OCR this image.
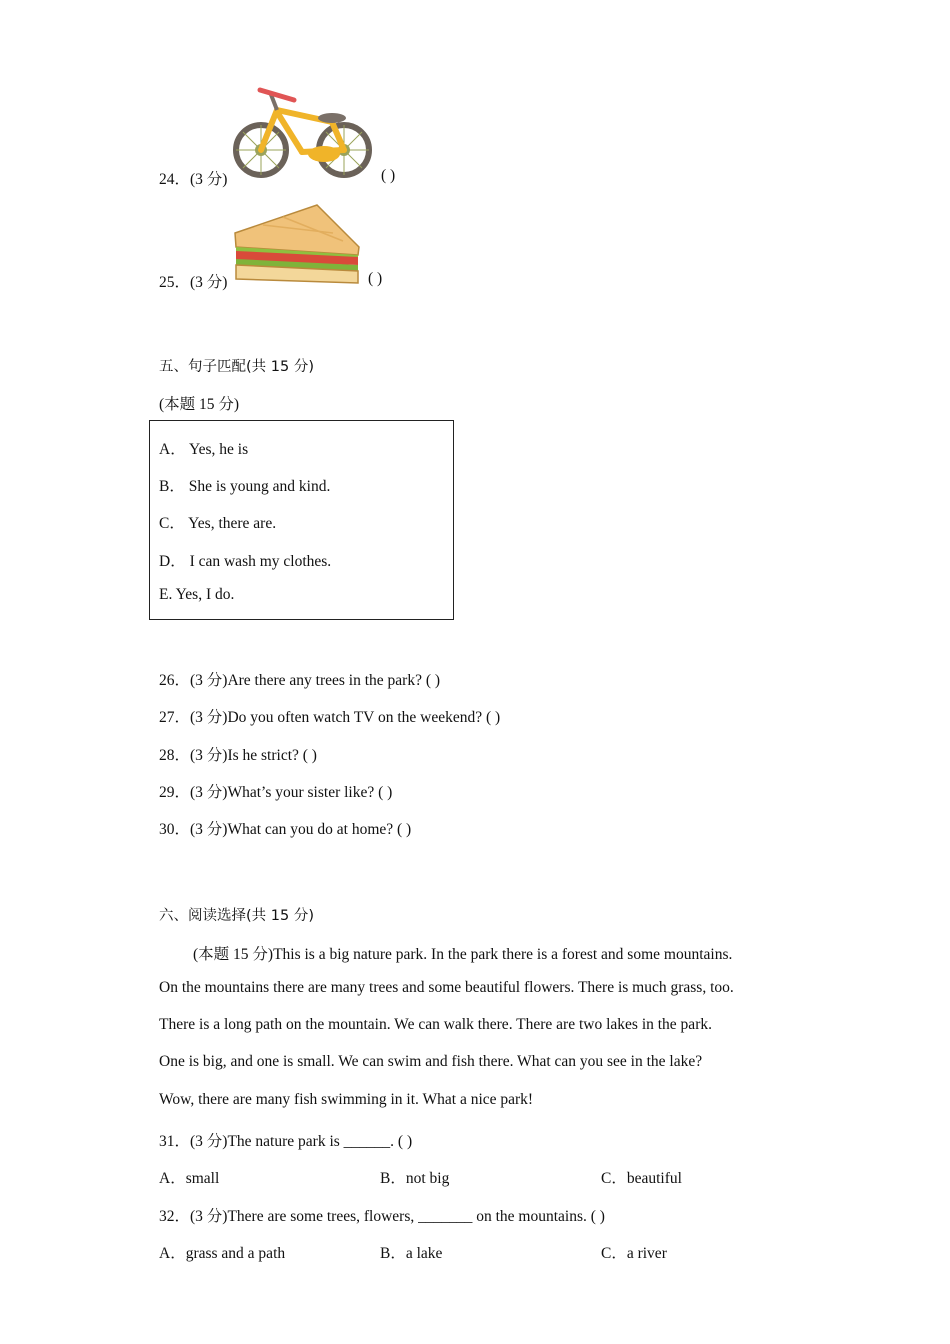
24．(3 分)	( )
25．(3 分)	( )
五、句子匹配(共 15 分)
(本题 15 分)
A． Yes, he is
B． She is young and kind.
C． Yes, there are.
D． I can wash my clothes.
E. Yes, I do.
26．(3 分)Are there any trees in the park? ( )
27．(3 分)Do you often watch TV on the weekend? ( )
28．(3 分)Is he strict? ( )
29．(3 分)What’s your sister like? ( )
30．(3 分)What can you do at home? ( )
六、阅读选择(共 15 分)
(本题 15 分)This is a big nature park. In the park there is a forest and some mountains.
On the mountains there are many trees and some beautiful flowers. There is much grass, too.
There is a long path on the mountain. We can walk there. There are two lakes in the park.
One is big, and one is small. We can swim and fish there. What can you see in the lake?
Wow, there are many fish swimming in it. What a nice park!
31．(3 分)The nature park is ______. ( )
A．small	B．not big	C．beautiful
32．(3 分)There are some trees, flowers, _______ on the mountains. ( )
A．grass and a path	B．a lake	C．a river
